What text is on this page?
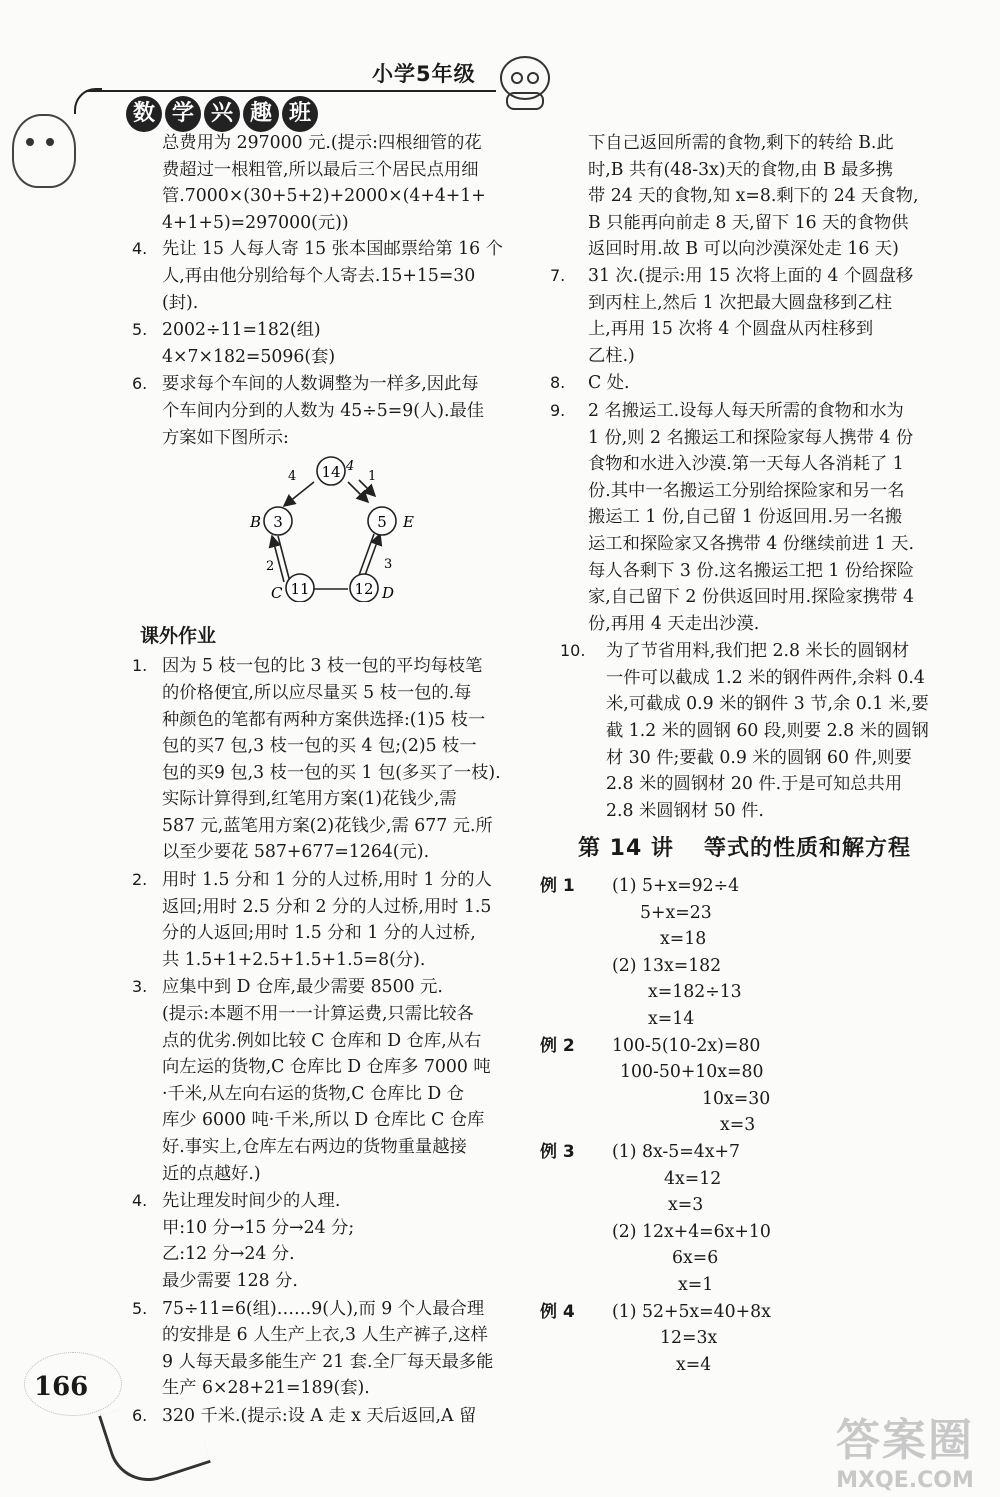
小学5年级
数 学 兴 趣 班
总费用为 297000 元.(提示:四根细管的花
费超过一根粗管,所以最后三个居民点用细
管.7000×(30+5+2)+2000×(4+4+1+
4+1+5)=297000(元))
4. 先让 15 人每人寄 15 张本国邮票给第 16 个
人,再由他分别给每个人寄去.15+15=30
(封).
5. 2002÷11=182(组)
4×7×182=5096(套)
6. 要求每个车间的人数调整为一样多,因此每
个车间内分到的人数为 45÷5=9(人).最佳
方案如下图所示:
14
5 E
12 D
11
C
3
B
4
4
1
2	3
课外作业
1. 因为 5 枝一包的比 3 枝一包的平均每枝笔
的价格便宜,所以应尽量买 5 枝一包的.每
种颜色的笔都有两种方案供选择:(1)5 枝一
包的买7 包,3 枝一包的买 4 包;(2)5 枝一
包的买9 包,3 枝一包的买 1 包(多买了一枝).
实际计算得到,红笔用方案(1)花钱少,需
587 元,蓝笔用方案(2)花钱少,需 677 元.所
以至少要花 587+677=1264(元).
2. 用时 1.5 分和 1 分的人过桥,用时 1 分的人
返回;用时 2.5 分和 2 分的人过桥,用时 1.5
分的人返回;用时 1.5 分和 1 分的人过桥,
共 1.5+1+2.5+1.5+1.5=8(分).
3. 应集中到 D 仓库,最少需要 8500 元.
(提示:本题不用一一计算运费,只需比较各
点的优劣.例如比较 C 仓库和 D 仓库,从右
向左运的货物,C 仓库比 D 仓库多 7000 吨
·千米,从左向右运的货物,C 仓库比 D 仓
库少 6000 吨·千米,所以 D 仓库比 C 仓库
好.事实上,仓库左右两边的货物重量越接
近的点越好.)
4. 先让理发时间少的人理.
甲:10 分→15 分→24 分;
乙:12 分→24 分.
最少需要 128 分.
5. 75÷11=6(组)……9(人),而 9 个人最合理
的安排是 6 人生产上衣,3 人生产裤子,这样
9 人每天最多能生产 21 套.全厂每天最多能
生产 6×28+21=189(套).
6. 320 千米.(提示:设 A 走 x 天后返回,A 留
下自己返回所需的食物,剩下的转给 B.此
时,B 共有(48-3x)天的食物,由 B 最多携
带 24 天的食物,知 x=8.剩下的 24 天食物,
B 只能再向前走 8 天,留下 16 天的食物供
返回时用.故 B 可以向沙漠深处走 16 天)
7. 31 次.(提示:用 15 次将上面的 4 个圆盘移
到丙柱上,然后 1 次把最大圆盘移到乙柱
上,再用 15 次将 4 个圆盘从丙柱移到
乙柱.)
8. C 处.
9. 2 名搬运工.设每人每天所需的食物和水为
1 份,则 2 名搬运工和探险家每人携带 4 份
食物和水进入沙漠.第一天每人各消耗了 1
份.其中一名搬运工分别给探险家和另一名
搬运工 1 份,自己留 1 份返回用.另一名搬
运工和探险家又各携带 4 份继续前进 1 天.
每人各剩下 3 份.这名搬运工把 1 份给探险
家,自己留下 2 份供返回时用.探险家携带 4
份,再用 4 天走出沙漠.
10. 为了节省用料,我们把 2.8 米长的圆钢材
一件可以截成 1.2 米的钢件两件,余料 0.4
米,可截成 0.9 米的钢件 3 节,余 0.1 米,要
截 1.2 米的圆钢 60 段,则要 2.8 米的圆钢
材 30 件;要截 0.9 米的圆钢 60 件,则要
2.8 米的圆钢材 20 件.于是可知总共用
2.8 米圆钢材 50 件.
第 14 讲 等式的性质和解方程
例 1 (1) 5+x=92÷4
5+x=23
x=18
(2) 13x=182
x=182÷13
x=14
例 2 100-5(10-2x)=80
100-50+10x=80
10x=30
x=3
例 3 (1) 8x-5=4x+7
4x=12
x=3
(2) 12x+4=6x+10
6x=6
x=1
例 4 (1) 52+5x=40+8x
12=3x
x=4
166
答案圈
MXQE.COM
